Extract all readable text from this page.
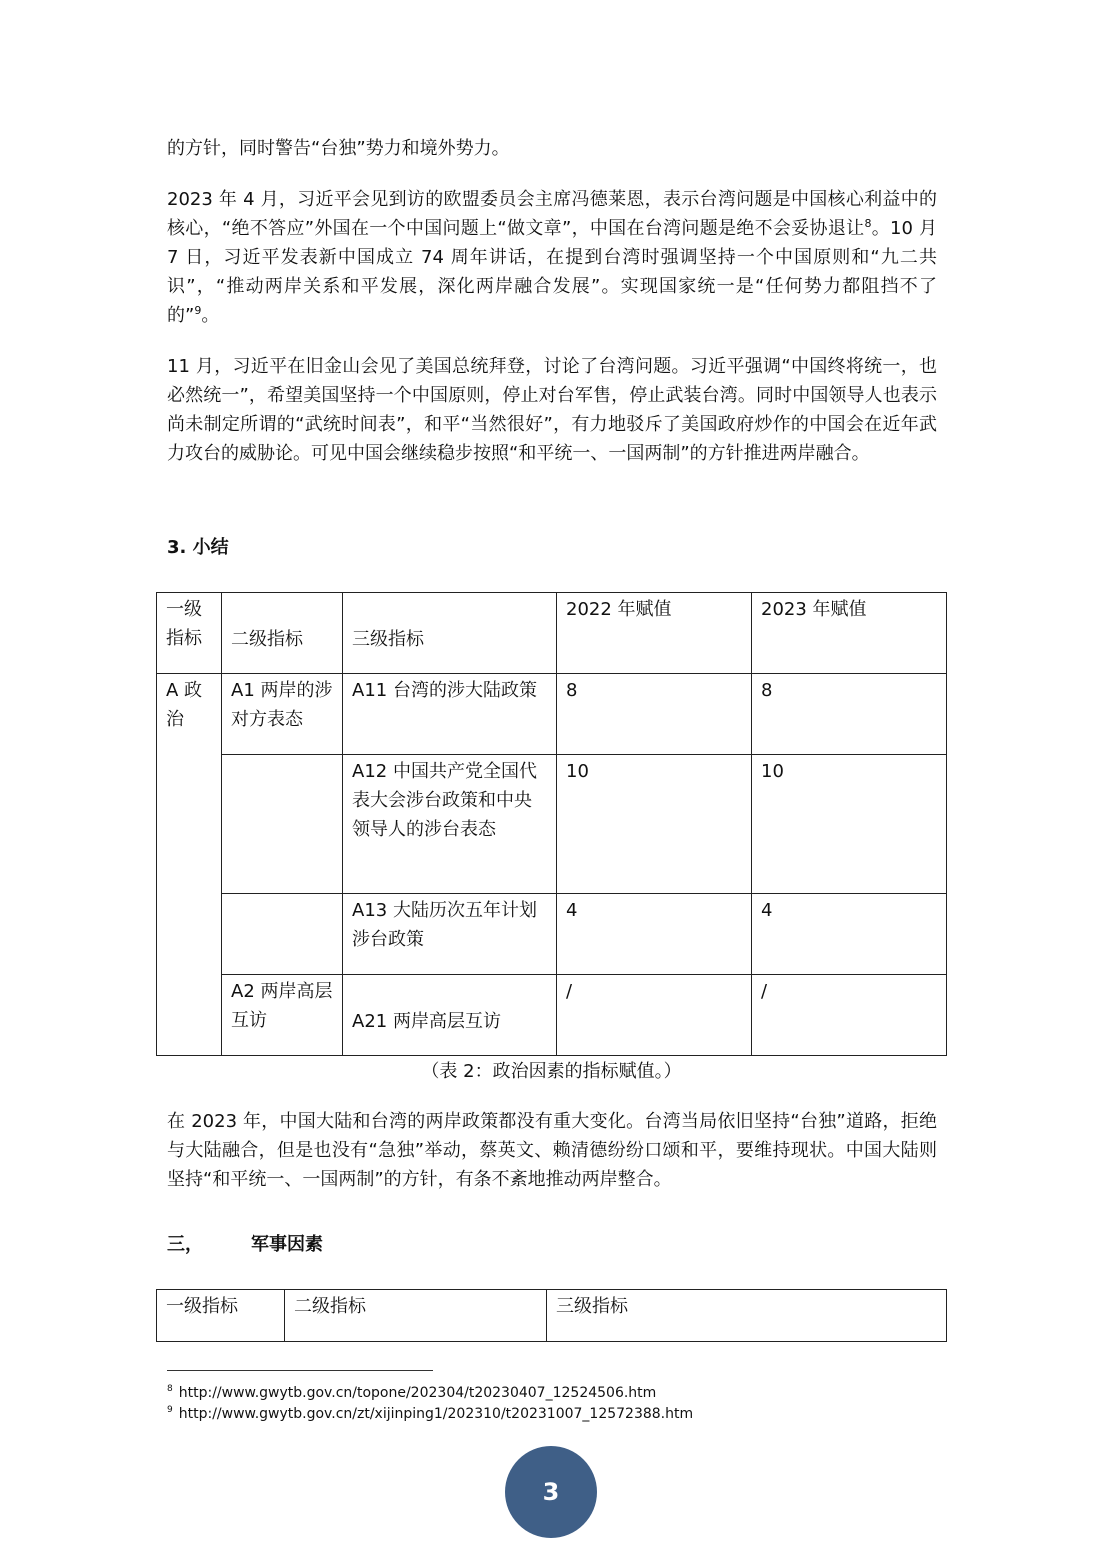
的方针，同时警告“台独”势力和境外势力。

2023 年 4 月，习近平会见到访的欧盟委员会主席冯德莱恩，表示台湾问题是中国核心利益中的核心，“绝不答应”外国在一个中国问题上“做文章”，中国在台湾问题是绝不会妥协退让$^8$。10 月 7 日，习近平发表新中国成立 74 周年讲话，在提到台湾时强调坚持一个中国原则和“九二共识”，“推动两岸关系和平发展，深化两岸融合发展”。实现国家统一是“任何势力都阻挡不了的”$^9$。

11 月，习近平在旧金山会见了美国总统拜登，讨论了台湾问题。习近平强调“中国终将统一，也必然统一”，希望美国坚持一个中国原则，停止对台军售，停止武装台湾。同时中国领导人也表示尚未制定所谓的“武统时间表”，和平“当然很好”，有力地驳斥了美国政府炒作的中国会在近年武力攻台的威胁论。可见中国会继续稳步按照“和平统一、一国两制”的方针推进两岸融合。

3. 小结

一级指标	二级指标	三级指标	2022 年赋值	2023 年赋值
A 政治	A1 两岸的涉对方表态	A11 台湾的涉大陆政策	8	8
		A12 中国共产党全国代表大会涉台政策和中央领导人的涉台表态	10	10
		A13 大陆历次五年计划涉台政策	4	4
	A2 两岸高层互访	A21 两岸高层互访	/	/

（表 2：政治因素的指标赋值。）

在 2023 年，中国大陆和台湾的两岸政策都没有重大变化。台湾当局依旧坚持“台独”道路，拒绝与大陆融合，但是也没有“急独”举动，蔡英文、赖清德纷纷口颂和平，要维持现状。中国大陆则坚持“和平统一、一国两制”的方针，有条不紊地推动两岸整合。

三，	军事因素

一级指标	二级指标	三级指标

$^8$ http://www.gwytb.gov.cn/topone/202304/t20230407_12524506.htm

$^9$ http://www.gwytb.gov.cn/zt/xijinping1/202310/t20231007_12572388.htm

3
